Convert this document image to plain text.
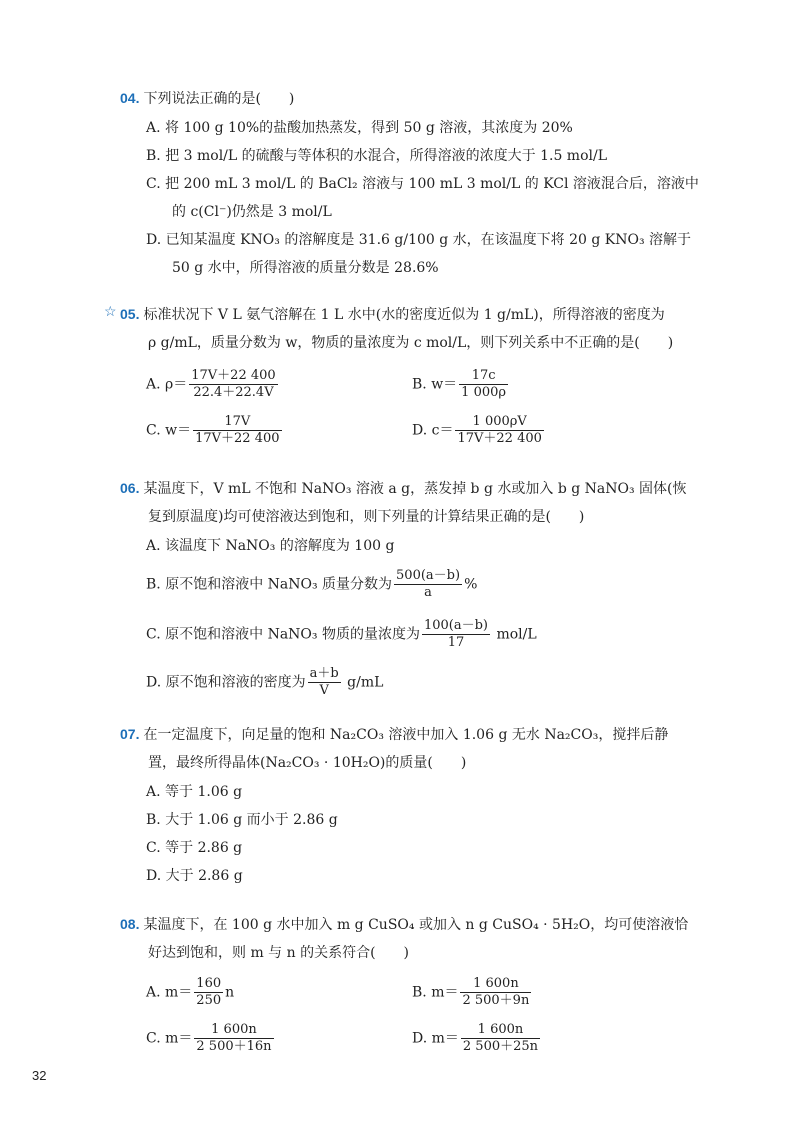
04. 下列说法正确的是(　　)
A. 将 100 g 10%的盐酸加热蒸发，得到 50 g 溶液，其浓度为 20%
B. 把 3 mol/L 的硫酸与等体积的水混合，所得溶液的浓度大于 1.5 mol/L
C. 把 200 mL 3 mol/L 的 BaCl₂ 溶液与 100 mL 3 mol/L 的 KCl 溶液混合后，溶液中
的 c(Cl⁻)仍然是 3 mol/L
D. 已知某温度 KNO₃ 的溶解度是 31.6 g/100 g 水，在该温度下将 20 g KNO₃ 溶解于
50 g 水中，所得溶液的质量分数是 28.6%
☆ 05. 标准状况下 V L 氨气溶解在 1 L 水中(水的密度近似为 1 g/mL)，所得溶液的密度为
ρ g/mL，质量分数为 w，物质的量浓度为 c mol/L，则下列关系中不正确的是(　　)
A. $\rho= \frac{17V+22 400}{22.4+22.4V}$	B. $w= \frac{17c}{1 000\rho}$
C. $w= \frac{17V}{17V+22 400}$	D. $c= \frac{1 000\rho V}{17V+22 400}$
06. 某温度下，V mL 不饱和 NaNO₃ 溶液 a g，蒸发掉 b g 水或加入 b g NaNO₃ 固体(恢
复到原温度)均可使溶液达到饱和，则下列量的计算结果正确的是(　　)
A. 该温度下 NaNO₃ 的溶解度为 100 g
B. 原不饱和溶液中 NaNO₃ 质量分数为 $\frac{500(a-b)}{a}$ %
C. 原不饱和溶液中 NaNO₃ 物质的量浓度为 $\frac{100(a-b)}{17} mol/L$
D. 原不饱和溶液的密度为 $\frac{a+b}{V} g/mL$
07. 在一定温度下，向足量的饱和 Na₂CO₃ 溶液中加入 1.06 g 无水 Na₂CO₃，搅拌后静
置，最终所得晶体(Na₂CO₃ · 10H₂O)的质量(　　)
A. 等于 1.06 g
B. 大于 1.06 g 而小于 2.86 g
C. 等于 2.86 g
D. 大于 2.86 g
08. 某温度下，在 100 g 水中加入 m g CuSO₄ 或加入 n g CuSO₄ · 5H₂O，均可使溶液恰
好达到饱和，则 m 与 n 的关系符合(　　)
A. $m= \frac{160}{250}$ n	B. $m= \frac{1 600n}{2 500+9n}$
C. $m= \frac{1 600n}{2 500+16n}$	D. $m= \frac{1 600n}{2 500+25n}$
32
